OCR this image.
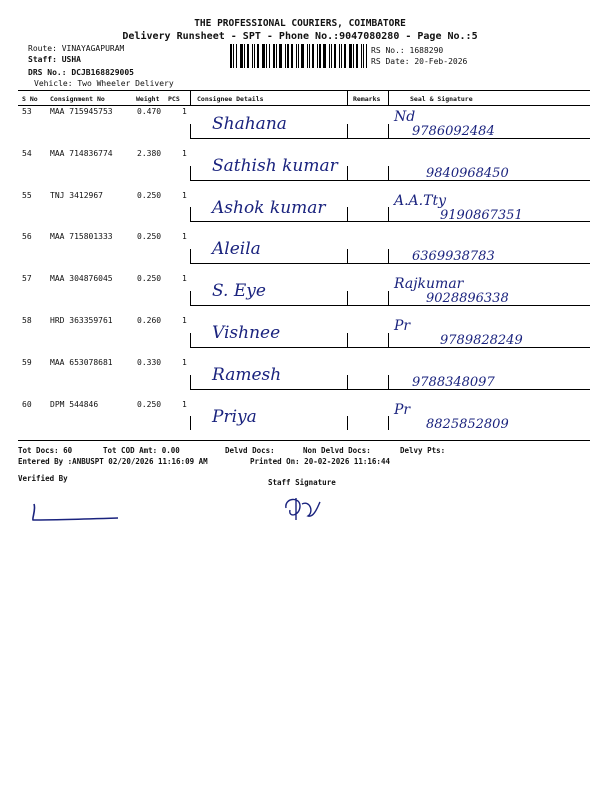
THE PROFESSIONAL COURIERS, COIMBATORE
Delivery Runsheet - SPT - Phone No.:9047080280 - Page No.:5
Route: VINAYAGAPURAM
Staff: USHA
DRS No.: DCJB168829005
Vehicle: Two Wheeler Delivery
RS No.: 1688290
RS Date: 20-Feb-2026
S No Consignment No	Weight PCS	Consignee Details	Remarks	Seal & Signature
53 MAA 715945753	0.470	1
Shahana	Nd
9786092484
54 MAA 714836774	2.380	1
Sathish kumar	9840968450
55 TNJ 3412967	0.250	1
Ashok kumar	A.A.Tty
9190867351
56 MAA 715801333	0.250	1
Aleila	6369938783
57 MAA 304876045	0.250	1
S. Eye	Rajkumar
9028896338
58 HRD 363359761	0.260	1
Vishnee	Pr
9789828249
59 MAA 653078681	0.330	1
Ramesh	9788348097
60 DPM 544846	0.250	1
Priya	Pr
8825852809
Tot Docs: 60	Tot COD Amt: 0.00	Delvd Docs:	Non Delvd Docs:	Delvy Pts:
Entered By :ANBUSPT 02/20/2026 11:16:09 AM	Printed On: 20-02-2026 11:16:44
Verified By	Staff Signature
